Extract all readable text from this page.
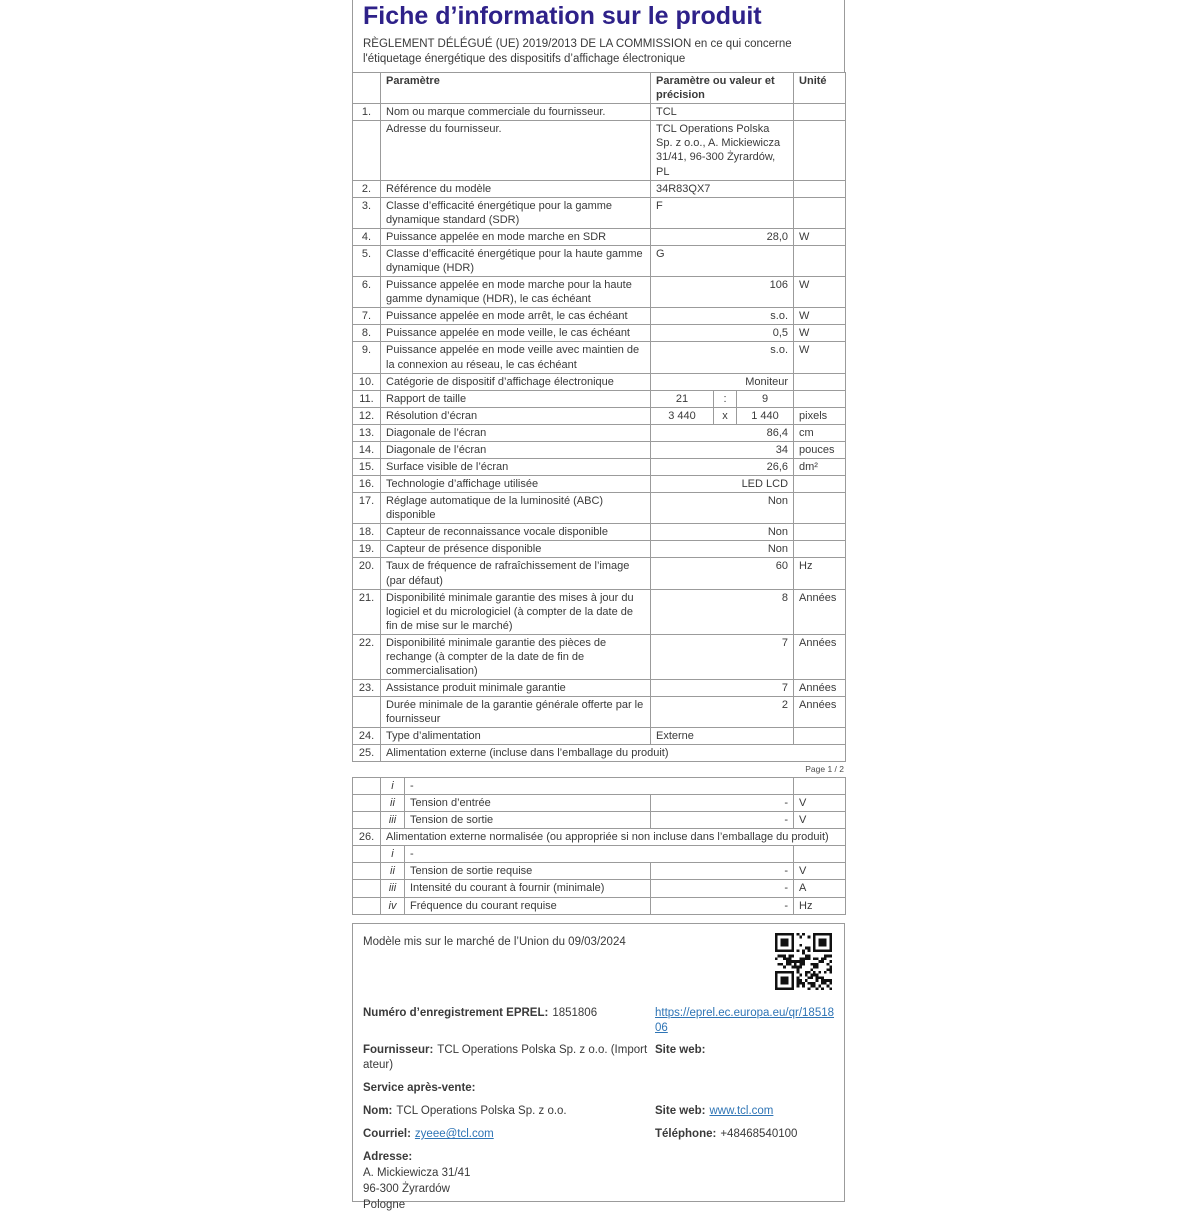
Fiche d’information sur le produit
RÈGLEMENT DÉLÉGUÉ (UE) 2019/2013 DE LA COMMISSION en ce qui concerne l'étiquetage énergétique des dispositifs d’affichage électronique
	Paramètre	Paramètre ou valeur et précision			Unité
1.	Nom ou marque commerciale du fournisseur.	TCL			
	Adresse du fournisseur.	TCL Operations Polska Sp. z o.o., A. Mickiewicza 31/41, 96-300 Żyrardów, PL			
2.	Référence du modèle	34R83QX7			
3.	Classe d’efficacité énergétique pour la gamme dynamique standard (SDR)	F			
4.	Puissance appelée en mode marche en SDR	28,0			W
5.	Classe d’efficacité énergétique pour la haute gamme dynamique (HDR)	G			
6.	Puissance appelée en mode marche pour la haute gamme dynamique (HDR), le cas échéant	106			W
7.	Puissance appelée en mode arrêt, le cas échéant	s.o.			W
8.	Puissance appelée en mode veille, le cas échéant	0,5			W
9.	Puissance appelée en mode veille avec maintien de la connexion au réseau, le cas échéant	s.o.			W
10.	Catégorie de dispositif d’affichage électronique	Moniteur			
11.	Rapport de taille	21	:	9	
12.	Résolution d’écran	3 440	x	1 440	pixels
13.	Diagonale de l’écran	86,4			cm
14.	Diagonale de l’écran	34			pouces
15.	Surface visible de l’écran	26,6			dm²
16.	Technologie d’affichage utilisée	LED LCD			
17.	Réglage automatique de la luminosité (ABC) disponible	Non			
18.	Capteur de reconnaissance vocale disponible	Non			
19.	Capteur de présence disponible	Non			
20.	Taux de fréquence de rafraîchissement de l’image (par défaut)	60			Hz
21.	Disponibilité minimale garantie des mises à jour du logiciel et du micrologiciel (à compter de la date de fin de mise sur le marché)	8			Années
22.	Disponibilité minimale garantie des pièces de rechange (à compter de la date de fin de commercialisation)	7			Années
23.	Assistance produit minimale garantie	7			Années
	Durée minimale de la garantie générale offerte par le fournisseur	2			Années
24.	Type d’alimentation	Externe			
25.	Alimentation externe (incluse dans l’emballage du produit)				
Page 1 / 2
	i	-		
	ii	Tension d’entrée	-	V
	iii	Tension de sortie	-	V
26.	Alimentation externe normalisée (ou appropriée si non incluse dans l’emballage du produit)			
	i	-		
	ii	Tension de sortie requise	-	V
	iii	Intensité du courant à fournir (minimale)	-	A
	iv	Fréquence du courant requise	-	Hz
Modèle mis sur le marché de l’Union du 09/03/2024
Numéro d’enregistrement EPREL: 1851806	https://eprel.ec.europa.eu/qr/1851806
Fournisseur: TCL Operations Polska Sp. z o.o. (Importateur)
Site web:
Service après-vente:
Nom: TCL Operations Polska Sp. z o.o.	Site web: www.tcl.com
Courriel: zyeee@tcl.com	Téléphone: +48468540100
Adresse:
A. Mickiewicza 31/41
96-300 Żyrardów
Pologne
